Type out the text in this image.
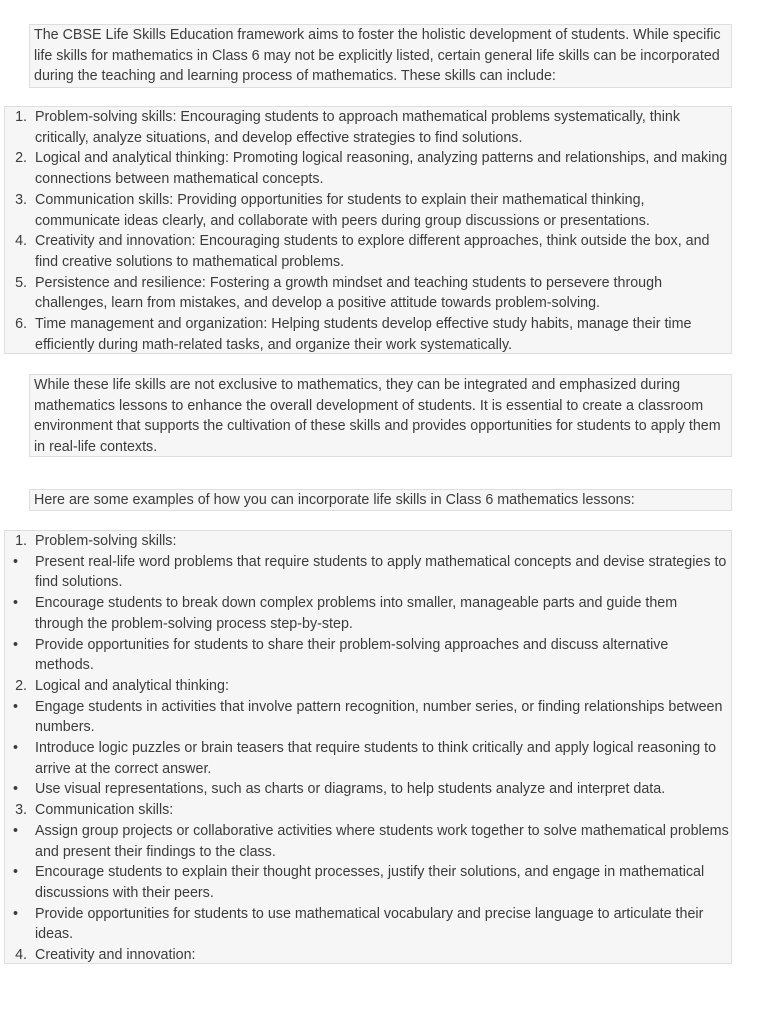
The CBSE Life Skills Education framework aims to foster the holistic development of students. While specific life skills for mathematics in Class 6 may not be explicitly listed, certain general life skills can be incorporated during the teaching and learning process of mathematics. These skills can include:

1. Problem-solving skills: Encouraging students to approach mathematical problems systematically, think critically, analyze situations, and develop effective strategies to find solutions.
2. Logical and analytical thinking: Promoting logical reasoning, analyzing patterns and relationships, and making connections between mathematical concepts.
3. Communication skills: Providing opportunities for students to explain their mathematical thinking, communicate ideas clearly, and collaborate with peers during group discussions or presentations.
4. Creativity and innovation: Encouraging students to explore different approaches, think outside the box, and find creative solutions to mathematical problems.
5. Persistence and resilience: Fostering a growth mindset and teaching students to persevere through challenges, learn from mistakes, and develop a positive attitude towards problem-solving.
6. Time management and organization: Helping students develop effective study habits, manage their time efficiently during math-related tasks, and organize their work systematically.

While these life skills are not exclusive to mathematics, they can be integrated and emphasized during mathematics lessons to enhance the overall development of students. It is essential to create a classroom environment that supports the cultivation of these skills and provides opportunities for students to apply them in real-life contexts.

Here are some examples of how you can incorporate life skills in Class 6 mathematics lessons:

1. Problem-solving skills:
•	Present real-life word problems that require students to apply mathematical concepts and devise strategies to find solutions.
•	Encourage students to break down complex problems into smaller, manageable parts and guide them through the problem-solving process step-by-step.
•	Provide opportunities for students to share their problem-solving approaches and discuss alternative methods.
2. Logical and analytical thinking:
•	Engage students in activities that involve pattern recognition, number series, or finding relationships between numbers.
•	Introduce logic puzzles or brain teasers that require students to think critically and apply logical reasoning to arrive at the correct answer.
•	Use visual representations, such as charts or diagrams, to help students analyze and interpret data.
3. Communication skills:
•	Assign group projects or collaborative activities where students work together to solve mathematical problems and present their findings to the class.
•	Encourage students to explain their thought processes, justify their solutions, and engage in mathematical discussions with their peers.
•	Provide opportunities for students to use mathematical vocabulary and precise language to articulate their ideas.
4. Creativity and innovation:
